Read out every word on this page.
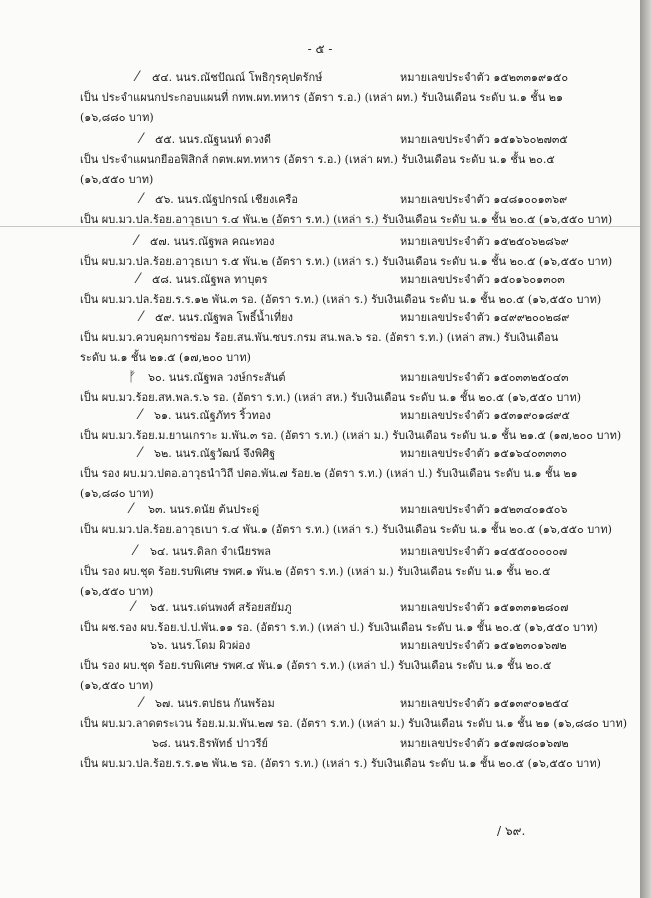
- ๕ -
⁄	๕๔. นนร.ณัชปัณณ์ โพธิกุรคุปตรักษ์	หมายเลขประจำตัว ๑๕๒๓๓๑๙๑๕๐
เป็น ประจำแผนกประกอบแผนที่ กทพ.ผท.ทหาร (อัตรา ร.อ.) (เหล่า ผท.) รับเงินเดือน ระดับ น.๑ ชั้น ๒๑
(๑๖,๘๘๐ บาท)
⁄	๕๕. นนร.ณัฐนนท์ ดวงดี	หมายเลขประจำตัว ๑๕๑๖๖๐๒๗๓๕
เป็น ประจำแผนกยีออฟิสิกส์ กตพ.ผท.ทหาร (อัตรา ร.อ.) (เหล่า ผท.) รับเงินเดือน ระดับ น.๑ ชั้น ๒๐.๕
(๑๖,๕๕๐ บาท)
⁄	๕๖. นนร.ณัฐปกรณ์ เชียงเครือ	หมายเลขประจำตัว ๑๔๘๑๐๐๑๓๖๙
เป็น ผบ.มว.ปล.ร้อย.อาวุธเบา ร.๔ พัน.๒ (อัตรา ร.ท.) (เหล่า ร.) รับเงินเดือน ระดับ น.๑ ชั้น ๒๐.๕ (๑๖,๕๕๐ บาท)
⁄	๕๗. นนร.ณัฐพล คณะทอง	หมายเลขประจำตัว ๑๕๒๕๐๖๒๘๖๙
เป็น ผบ.มว.ปล.ร้อย.อาวุธเบา ร.๕ พัน.๒ (อัตรา ร.ท.) (เหล่า ร.) รับเงินเดือน ระดับ น.๑ ชั้น ๒๐.๕ (๑๖,๕๕๐ บาท)
⁄	๕๘. นนร.ณัฐพล ทาบุตร	หมายเลขประจำตัว ๑๕๐๑๖๐๑๓๐๓
เป็น ผบ.มว.ปล.ร้อย.ร.ร.๑๒ พัน.๓ รอ. (อัตรา ร.ท.) (เหล่า ร.) รับเงินเดือน ระดับ น.๑ ชั้น ๒๐.๕ (๑๖,๕๕๐ บาท)
⁄	๕๙. นนร.ณัฐพล โพธิ์น้ำเที่ยง	หมายเลขประจำตัว ๑๔๙๙๒๐๐๒๘๙
เป็น ผบ.มว.ควบคุมการซ่อม ร้อย.สน.พัน.ซบร.กรม สน.พล.๖ รอ. (อัตรา ร.ท.) (เหล่า สพ.) รับเงินเดือน
ระดับ น.๑ ชั้น ๒๑.๕ (๑๗,๒๐๐ บาท)
ᚠ	๖๐. นนร.ณัฐพล วงษ์กระสันต์	หมายเลขประจำตัว ๑๕๐๓๓๒๕๐๔๓
เป็น ผบ.มว.ร้อย.สห.พล.ร.๖ รอ. (อัตรา ร.ท.) (เหล่า สห.) รับเงินเดือน ระดับ น.๑ ชั้น ๒๐.๕ (๑๖,๕๕๐ บาท)
⁄	๖๑. นนร.ณัฐภัทร ริ้วทอง	หมายเลขประจำตัว ๑๕๓๑๙๐๑๘๙๕
เป็น ผบ.มว.ร้อย.ม.ยานเกราะ ม.พัน.๓ รอ. (อัตรา ร.ท.) (เหล่า ม.) รับเงินเดือน ระดับ น.๑ ชั้น ๒๑.๕ (๑๗,๒๐๐ บาท)
⁄	๖๒. นนร.ณัฐวัฒน์ จึงพิศิฐ	หมายเลขประจำตัว ๑๕๑๖๔๐๓๓๓๐
เป็น รอง ผบ.มว.ปตอ.อาวุธนำวิถี ปตอ.พัน.๗ ร้อย.๒ (อัตรา ร.ท.) (เหล่า ป.) รับเงินเดือน ระดับ น.๑ ชั้น ๒๑
(๑๖,๘๘๐ บาท)
⁄	๖๓. นนร.ดนัย ต้นประดู่	หมายเลขประจำตัว ๑๕๒๓๔๐๑๕๐๖
เป็น ผบ.มว.ปล.ร้อย.อาวุธเบา ร.๔ พัน.๑ (อัตรา ร.ท.) (เหล่า ร.) รับเงินเดือน ระดับ น.๑ ชั้น ๒๐.๕ (๑๖,๕๕๐ บาท)
⁄	๖๔. นนร.ดิลก จำเนียรพล	หมายเลขประจำตัว ๑๔๕๕๐๐๐๐๐๗
เป็น รอง ผบ.ชุด ร้อย.รบพิเศษ รพศ.๑ พัน.๒ (อัตรา ร.ท.) (เหล่า ม.) รับเงินเดือน ระดับ น.๑ ชั้น ๒๐.๕
(๑๖,๕๕๐ บาท)
⁄	๖๕. นนร.เด่นพงศ์ สร้อยสยัมภู	หมายเลขประจำตัว ๑๕๑๓๓๑๒๘๐๗
เป็น ผช.รอง ผบ.ร้อย.ป.ป.พัน.๑๑ รอ. (อัตรา ร.ท.) (เหล่า ป.) รับเงินเดือน ระดับ น.๑ ชั้น ๒๐.๕ (๑๖,๕๕๐ บาท)
๖๖. นนร.โดม ผิวผ่อง	หมายเลขประจำตัว ๑๕๑๒๓๐๑๖๗๒
เป็น รอง ผบ.ชุด ร้อย.รบพิเศษ รพศ.๔ พัน.๑ (อัตรา ร.ท.) (เหล่า ป.) รับเงินเดือน ระดับ น.๑ ชั้น ๒๐.๕
(๑๖,๕๕๐ บาท)
⁄	๖๗. นนร.ตปธน กันพร้อม	หมายเลขประจำตัว ๑๕๑๓๙๐๑๒๕๔
เป็น ผบ.มว.ลาดตระเวน ร้อย.ม.ม.พัน.๒๗ รอ. (อัตรา ร.ท.) (เหล่า ม.) รับเงินเดือน ระดับ น.๑ ชั้น ๒๑ (๑๖,๘๘๐ บาท)
๖๘. นนร.ธิรพัทธ์ ปาวรีย์	หมายเลขประจำตัว ๑๕๑๗๘๐๑๖๗๒
เป็น ผบ.มว.ปล.ร้อย.ร.ร.๑๒ พัน.๒ รอ. (อัตรา ร.ท.) (เหล่า ร.) รับเงินเดือน ระดับ น.๑ ชั้น ๒๐.๕ (๑๖,๕๕๐ บาท)
/ ๖๙.
